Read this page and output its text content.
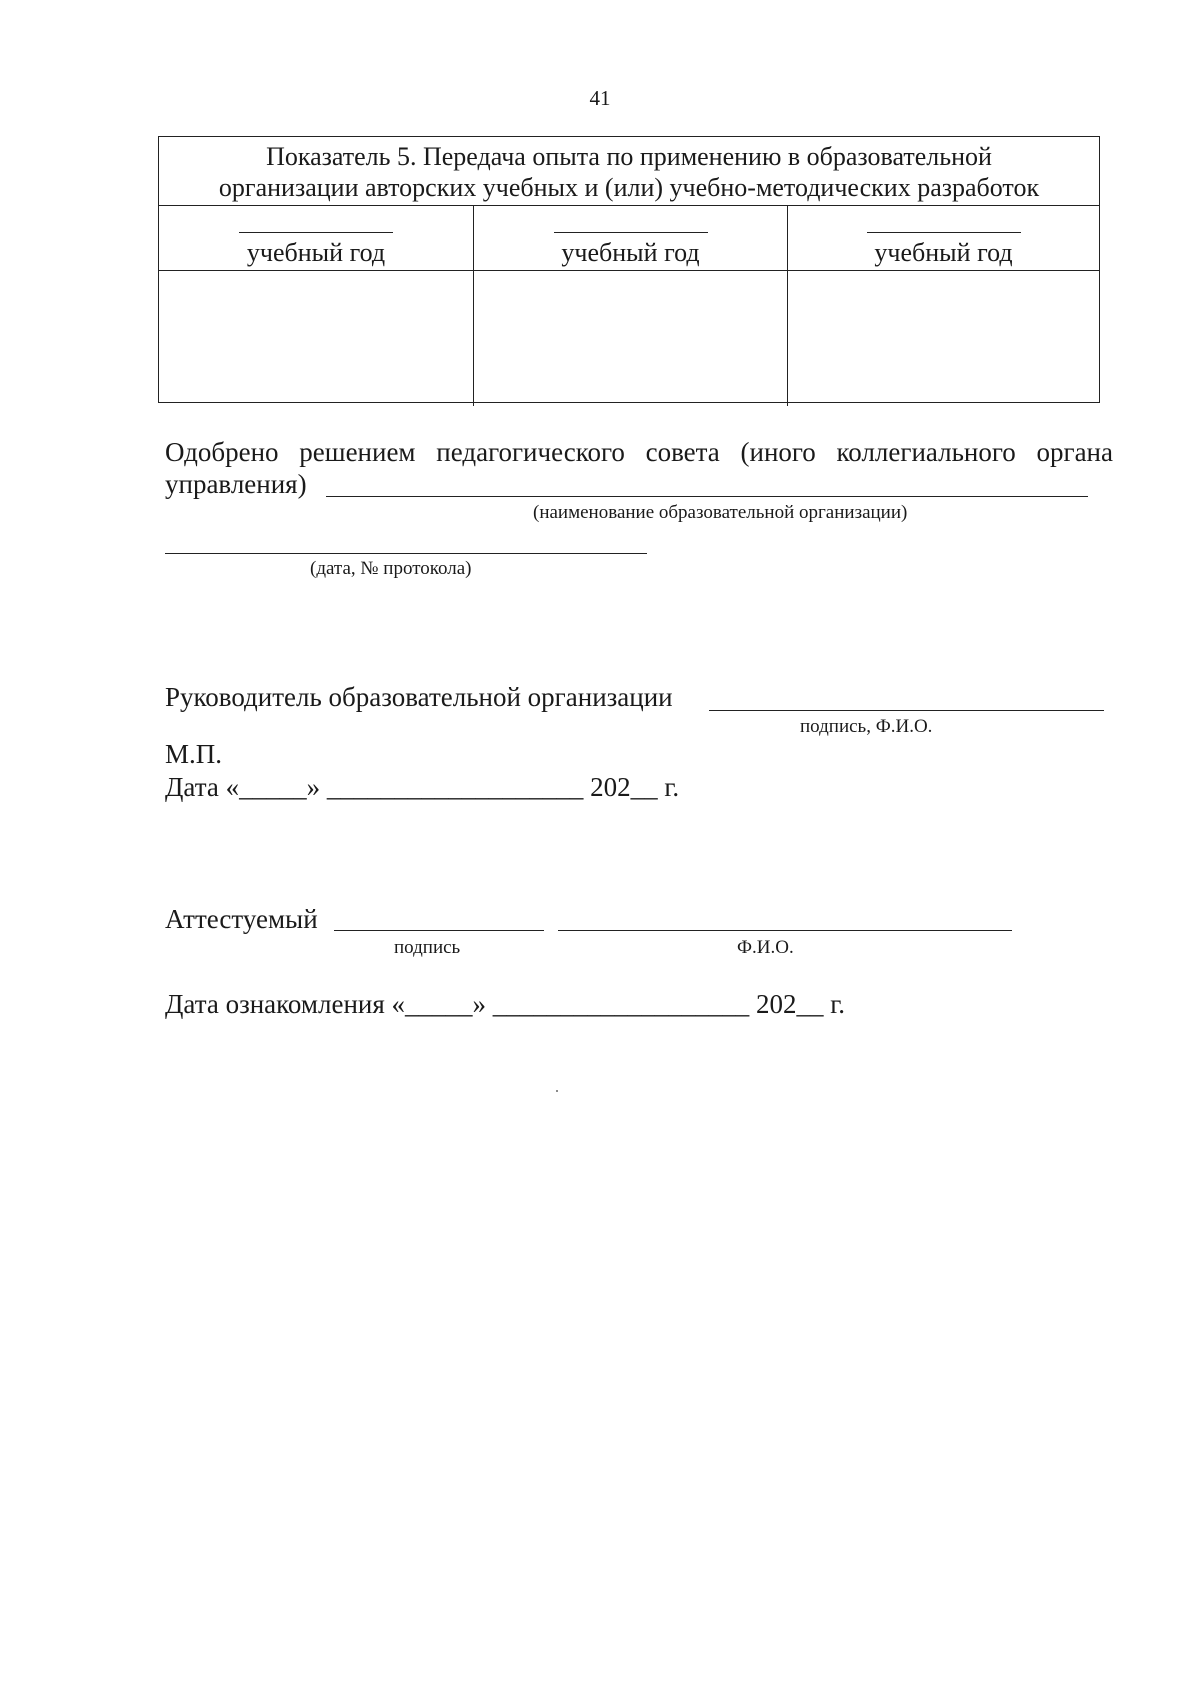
41
Показатель 5. Передача опыта по применению в образовательной
организации авторских учебных и (или) учебно-методических разработок
учебный год	учебный год	учебный год
Одобрено решением педагогического совета (иного коллегиального органа
управления)
(наименование образовательной организации)
(дата, № протокола)
Руководитель образовательной организации
подпись, Ф.И.О.
М.П.
Дата «_____» ___________________ 202__ г.
Аттестуемый
подпись	Ф.И.О.
Дата ознакомления «_____» ___________________ 202__ г.
